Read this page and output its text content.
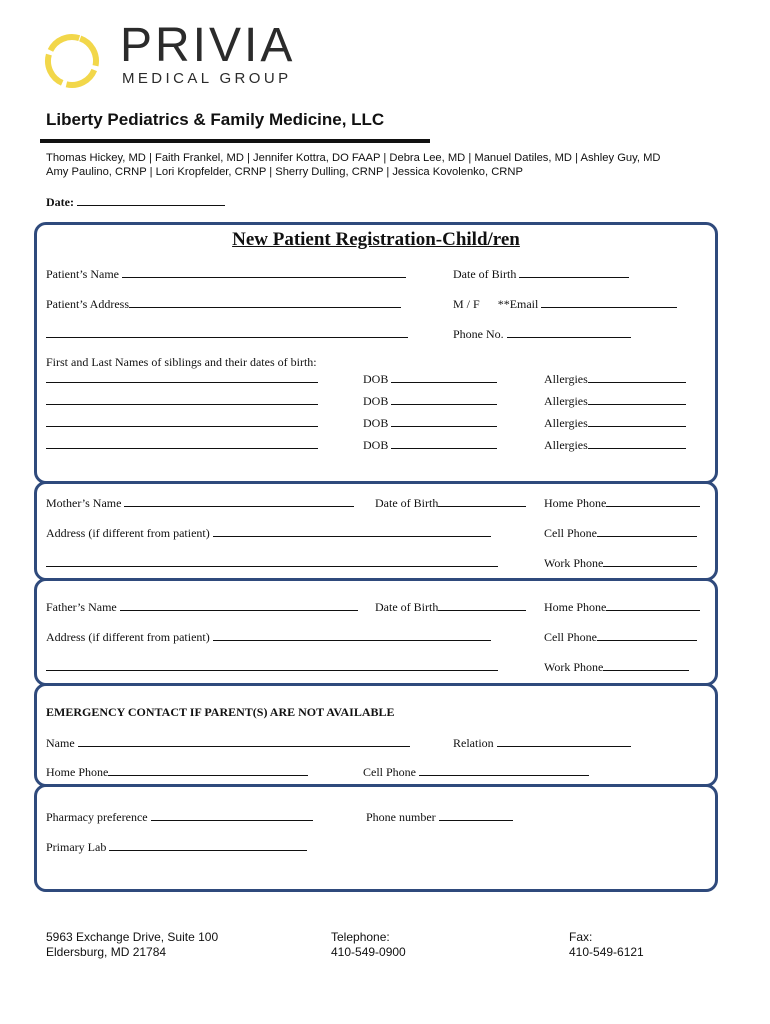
PRIVIA
MEDICAL GROUP
Liberty Pediatrics & Family Medicine, LLC
Thomas Hickey, MD | Faith Frankel, MD | Jennifer Kottra, DO FAAP | Debra Lee, MD | Manuel Datiles, MD | Ashley Guy, MD
Amy Paulino, CRNP | Lori Kropfelder, CRNP | Sherry Dulling, CRNP | Jessica Kovolenko, CRNP
Date:
New Patient Registration-Child/ren
Patient’s Name	Date of Birth
Patient’s Address	M / F **Email
Phone No.
First and Last Names of siblings and their dates of birth:
DOB	Allergies
DOB	Allergies
DOB	Allergies
DOB	Allergies
Mother’s Name	Date of Birth	Home Phone
Address (if different from patient)	Cell Phone
Work Phone
Father’s Name	Date of Birth	Home Phone
Address (if different from patient)	Cell Phone
Work Phone
EMERGENCY CONTACT IF PARENT(S) ARE NOT AVAILABLE
Name	Relation
Home Phone	Cell Phone
Pharmacy preference	Phone number
Primary Lab
5963 Exchange Drive, Suite 100
Eldersburg, MD 21784
Telephone:
410-549-0900
Fax:
410-549-6121
